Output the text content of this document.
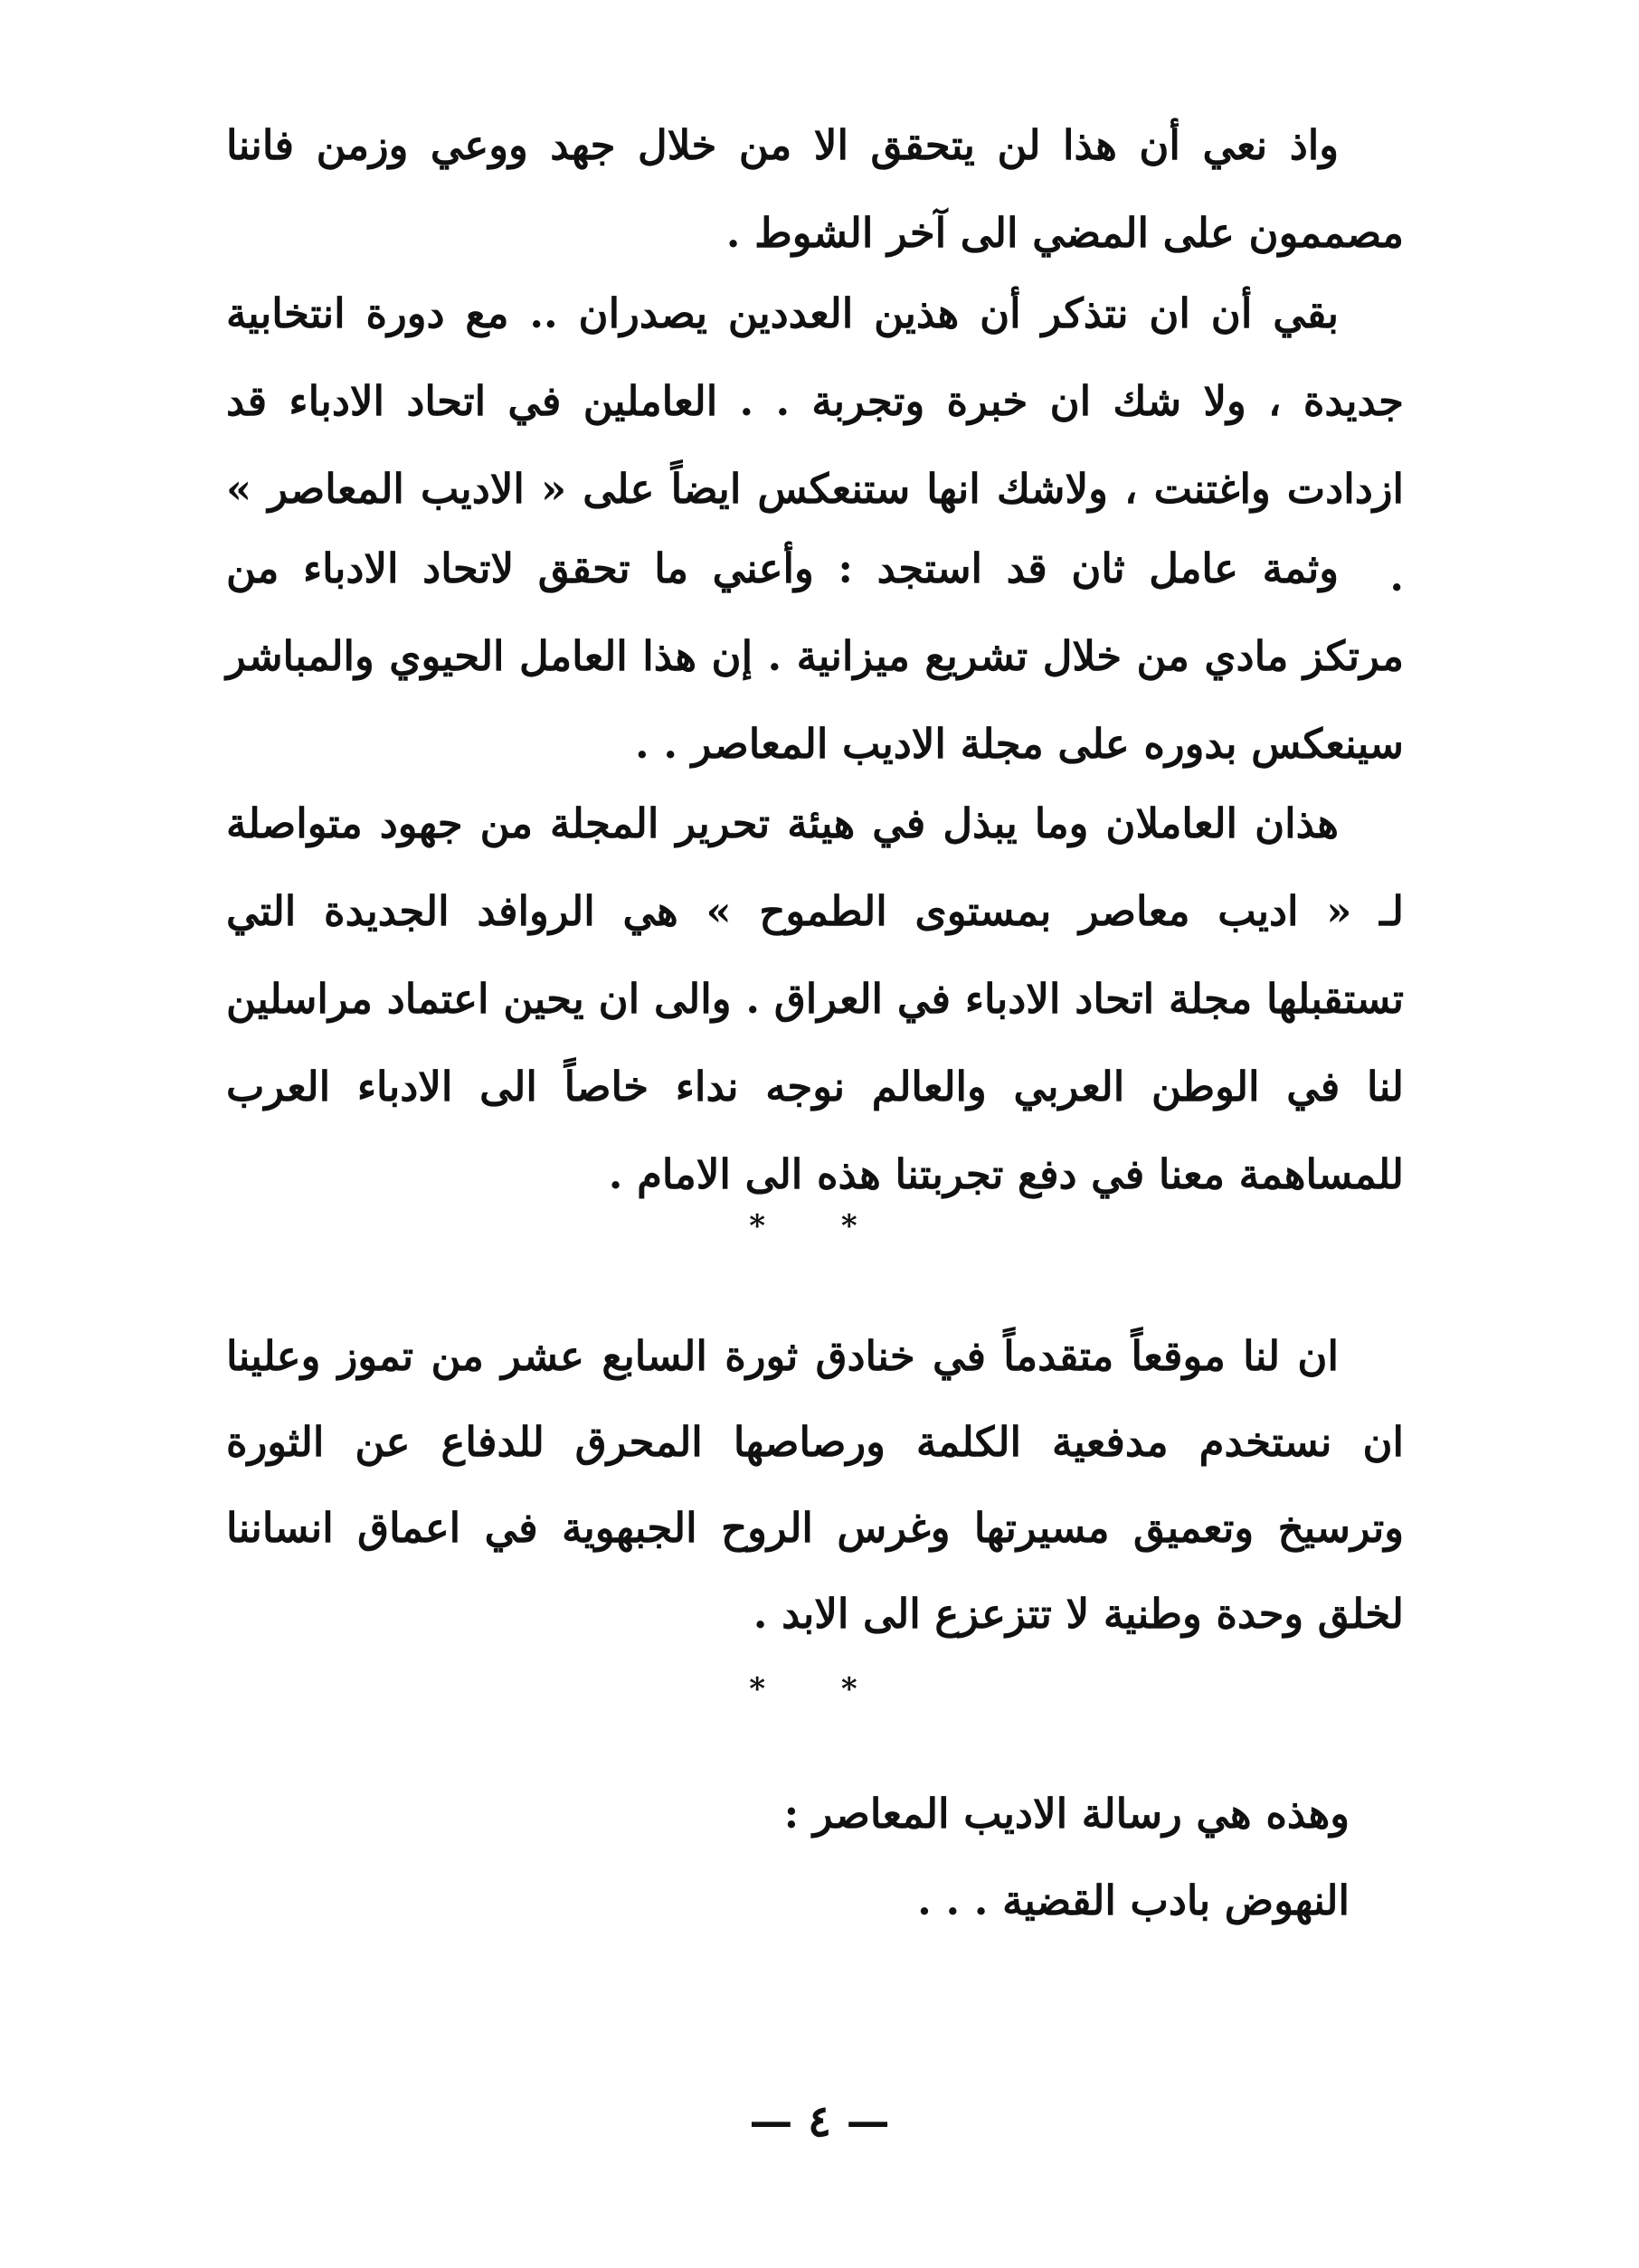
واذ نعي أن هذا لن يتحقق الا من خلال جهد ووعي وزمن فاننا مصممون على المضي الى آخر الشوط .

بقي أن ان نتذكر أن هذين العددين يصدران .. مع دورة انتخابية جديدة ، ولا شك ان خبرة وتجربة . . العاملين في اتحاد الادباء قد ازدادت واغتنت ، ولاشك انها ستنعكس ايضاً على « الاديب المعاصر » .

وثمة عامل ثان قد استجد : وأعني ما تحقق لاتحاد الادباء من مرتكز مادي من خلال تشريع ميزانية . إن هذا العامل الحيوي والمباشر سينعكس بدوره على مجلة الاديب المعاصر . .

هذان العاملان وما يبذل في هيئة تحرير المجلة من جهود متواصلة لـ « اديب معاصر بمستوى الطموح » هي الروافد الجديدة التي تستقبلها مجلة اتحاد الادباء في العراق . والى ان يحين اعتماد مراسلين لنا في الوطن العربي والعالم نوجه نداء خاصاً الى الادباء العرب للمساهمة معنا في دفع تجربتنا هذه الى الامام .

* *

ان لنا موقعاً متقدماً في خنادق ثورة السابع عشر من تموز وعلينا ان نستخدم مدفعية الكلمة ورصاصها المحرق للدفاع عن الثورة وترسيخ وتعميق مسيرتها وغرس الروح الجبهوية في اعماق انساننا لخلق وحدة وطنية لا تتزعزع الى الابد .

* *

وهذه هي رسالة الاديب المعاصر :

النهوض بادب القضية . . .

— ٤ —
